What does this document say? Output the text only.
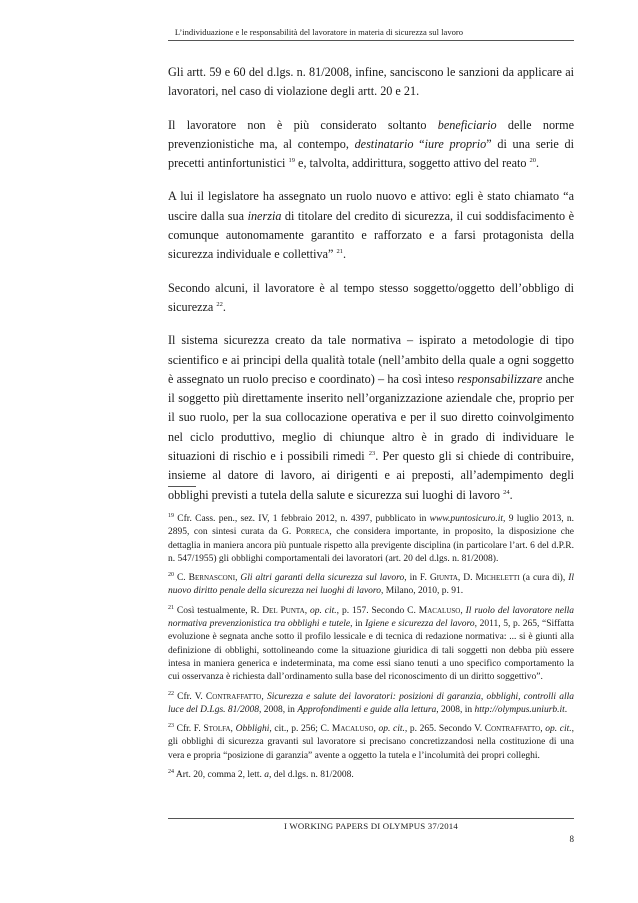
L’individuazione e le responsabilità del lavoratore in materia di sicurezza sul lavoro

Gli artt. 59 e 60 del d.lgs. n. 81/2008, infine, sanciscono le sanzioni da applicare ai lavoratori, nel caso di violazione degli artt. 20 e 21.

Il lavoratore non è più considerato soltanto beneficiario delle norme prevenzionistiche ma, al contempo, destinatario “iure proprio” di una serie di precetti antinfortunistici $^{19}$ e, talvolta, addirittura, soggetto attivo del reato $^{20}$.

A lui il legislatore ha assegnato un ruolo nuovo e attivo: egli è stato chiamato “a uscire dalla sua inerzia di titolare del credito di sicurezza, il cui soddisfacimento è comunque autonomamente garantito e rafforzato e a farsi protagonista della sicurezza individuale e collettiva” $^{21}$.

Secondo alcuni, il lavoratore è al tempo stesso soggetto/oggetto dell’obbligo di sicurezza $^{22}$.

Il sistema sicurezza creato da tale normativa – ispirato a metodologie di tipo scientifico e ai principi della qualità totale (nell’ambito della quale a ogni soggetto è assegnato un ruolo preciso e coordinato) – ha così inteso responsabilizzare anche il soggetto più direttamente inserito nell’organizzazione aziendale che, proprio per il suo ruolo, per la sua collocazione operativa e per il suo diretto coinvolgimento nel ciclo produttivo, meglio di chiunque altro è in grado di individuare le situazioni di rischio e i possibili rimedi $^{23}$. Per questo gli si chiede di contribuire, insieme al datore di lavoro, ai dirigenti e ai preposti, all’adempimento degli obblighi previsti a tutela della salute e sicurezza sui luoghi di lavoro $^{24}$.

$^{19}$ Cfr. Cass. pen., sez. IV, 1 febbraio 2012, n. 4397, pubblicato in www.puntosicuro.it, 9 luglio 2013, n. 2895, con sintesi curata da G. Porreca, che considera importante, in proposito, la disposizione che dettaglia in maniera ancora più puntuale rispetto alla previgente disciplina (in particolare l’art. 6 del d.P.R. n. 547/1955) gli obblighi comportamentali dei lavoratori (art. 20 del d.lgs. n. 81/2008).

$^{20}$ C. Bernasconi, Gli altri garanti della sicurezza sul lavoro, in F. Giunta, D. Micheletti (a cura di), Il nuovo diritto penale della sicurezza nei luoghi di lavoro, Milano, 2010, p. 91.

$^{21}$ Così testualmente, R. Del Punta, op. cit., p. 157. Secondo C. Macaluso, Il ruolo del lavoratore nella normativa prevenzionistica tra obblighi e tutele, in Igiene e sicurezza del lavoro, 2011, 5, p. 265, “Siffatta evoluzione è segnata anche sotto il profilo lessicale e di tecnica di redazione normativa: ... si è giunti alla definizione di obblighi, sottolineando come la situazione giuridica di tali soggetti non debba più essere intesa in maniera generica e indeterminata, ma come essi siano tenuti a uno specifico comportamento la cui osservanza è richiesta dall’ordinamento sulla base del riconoscimento di un diritto soggettivo”.

$^{22}$ Cfr. V. Contraffatto, Sicurezza e salute dei lavoratori: posizioni di garanzia, obblighi, controlli alla luce del D.Lgs. 81/2008, 2008, in Approfondimenti e guide alla lettura, 2008, in http://olympus.uniurb.it.

$^{23}$ Cfr. F. Stolfa, Obblighi, cit., p. 256; C. Macaluso, op. cit., p. 265. Secondo V. Contraffatto, op. cit., gli obblighi di sicurezza gravanti sul lavoratore si precisano concretizzandosi nella costituzione di una vera e propria “posizione di garanzia” avente a oggetto la tutela e l’incolumità dei propri colleghi.

$^{24}$ Art. 20, comma 2, lett. a, del d.lgs. n. 81/2008.

I WORKING PAPERS DI OLYMPUS 37/2014
8
